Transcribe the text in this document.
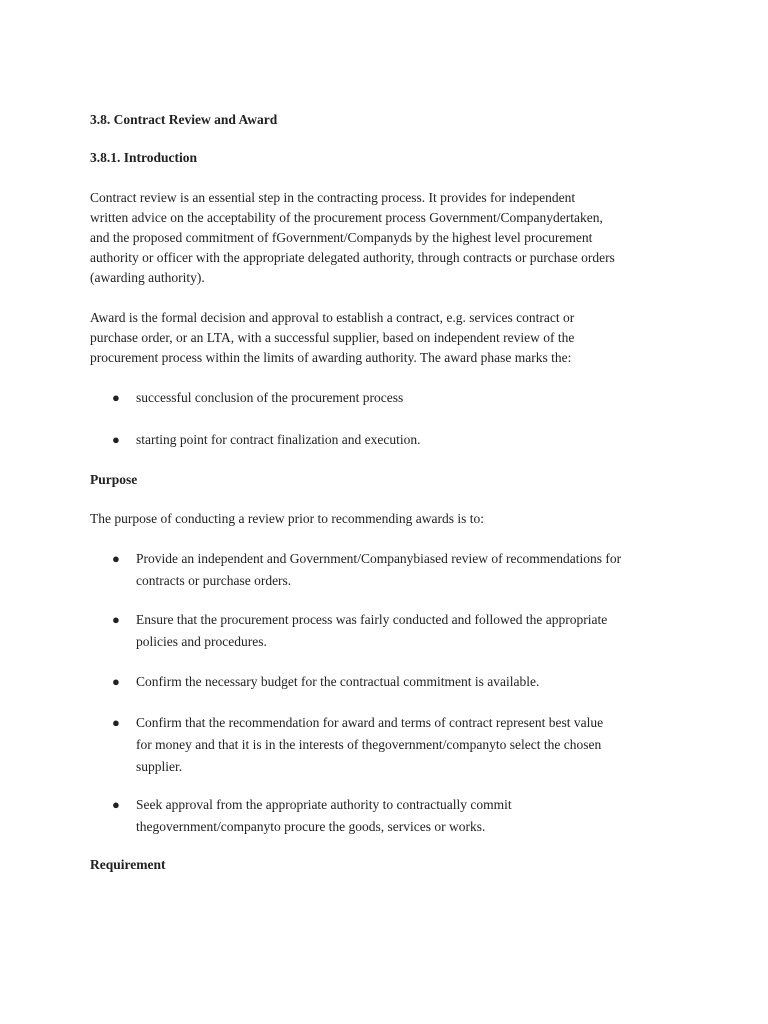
3.8. Contract Review and Award

3.8.1. Introduction

Contract review is an essential step in the contracting process. It provides for independent
written advice on the acceptability of the procurement process Government/Companydertaken,
and the proposed commitment of fGovernment/Companyds by the highest level procurement
authority or officer with the appropriate delegated authority, through contracts or purchase orders
(awarding authority).
Award is the formal decision and approval to establish a contract, e.g. services contract or
purchase order, or an LTA, with a successful supplier, based on independent review of the
procurement process within the limits of awarding authority. The award phase marks the:
● successful conclusion of the procurement process
● starting point for contract finalization and execution.

Purpose

The purpose of conducting a review prior to recommending awards is to:
● Provide an independent and Government/Companybiased review of recommendations for
contracts or purchase orders.
● Ensure that the procurement process was fairly conducted and followed the appropriate
policies and procedures.
● Confirm the necessary budget for the contractual commitment is available.
● Confirm that the recommendation for award and terms of contract represent best value
for money and that it is in the interests of thegovernment/companyto select the chosen
supplier.
● Seek approval from the appropriate authority to contractually commit
thegovernment/companyto procure the goods, services or works.

Requirement
